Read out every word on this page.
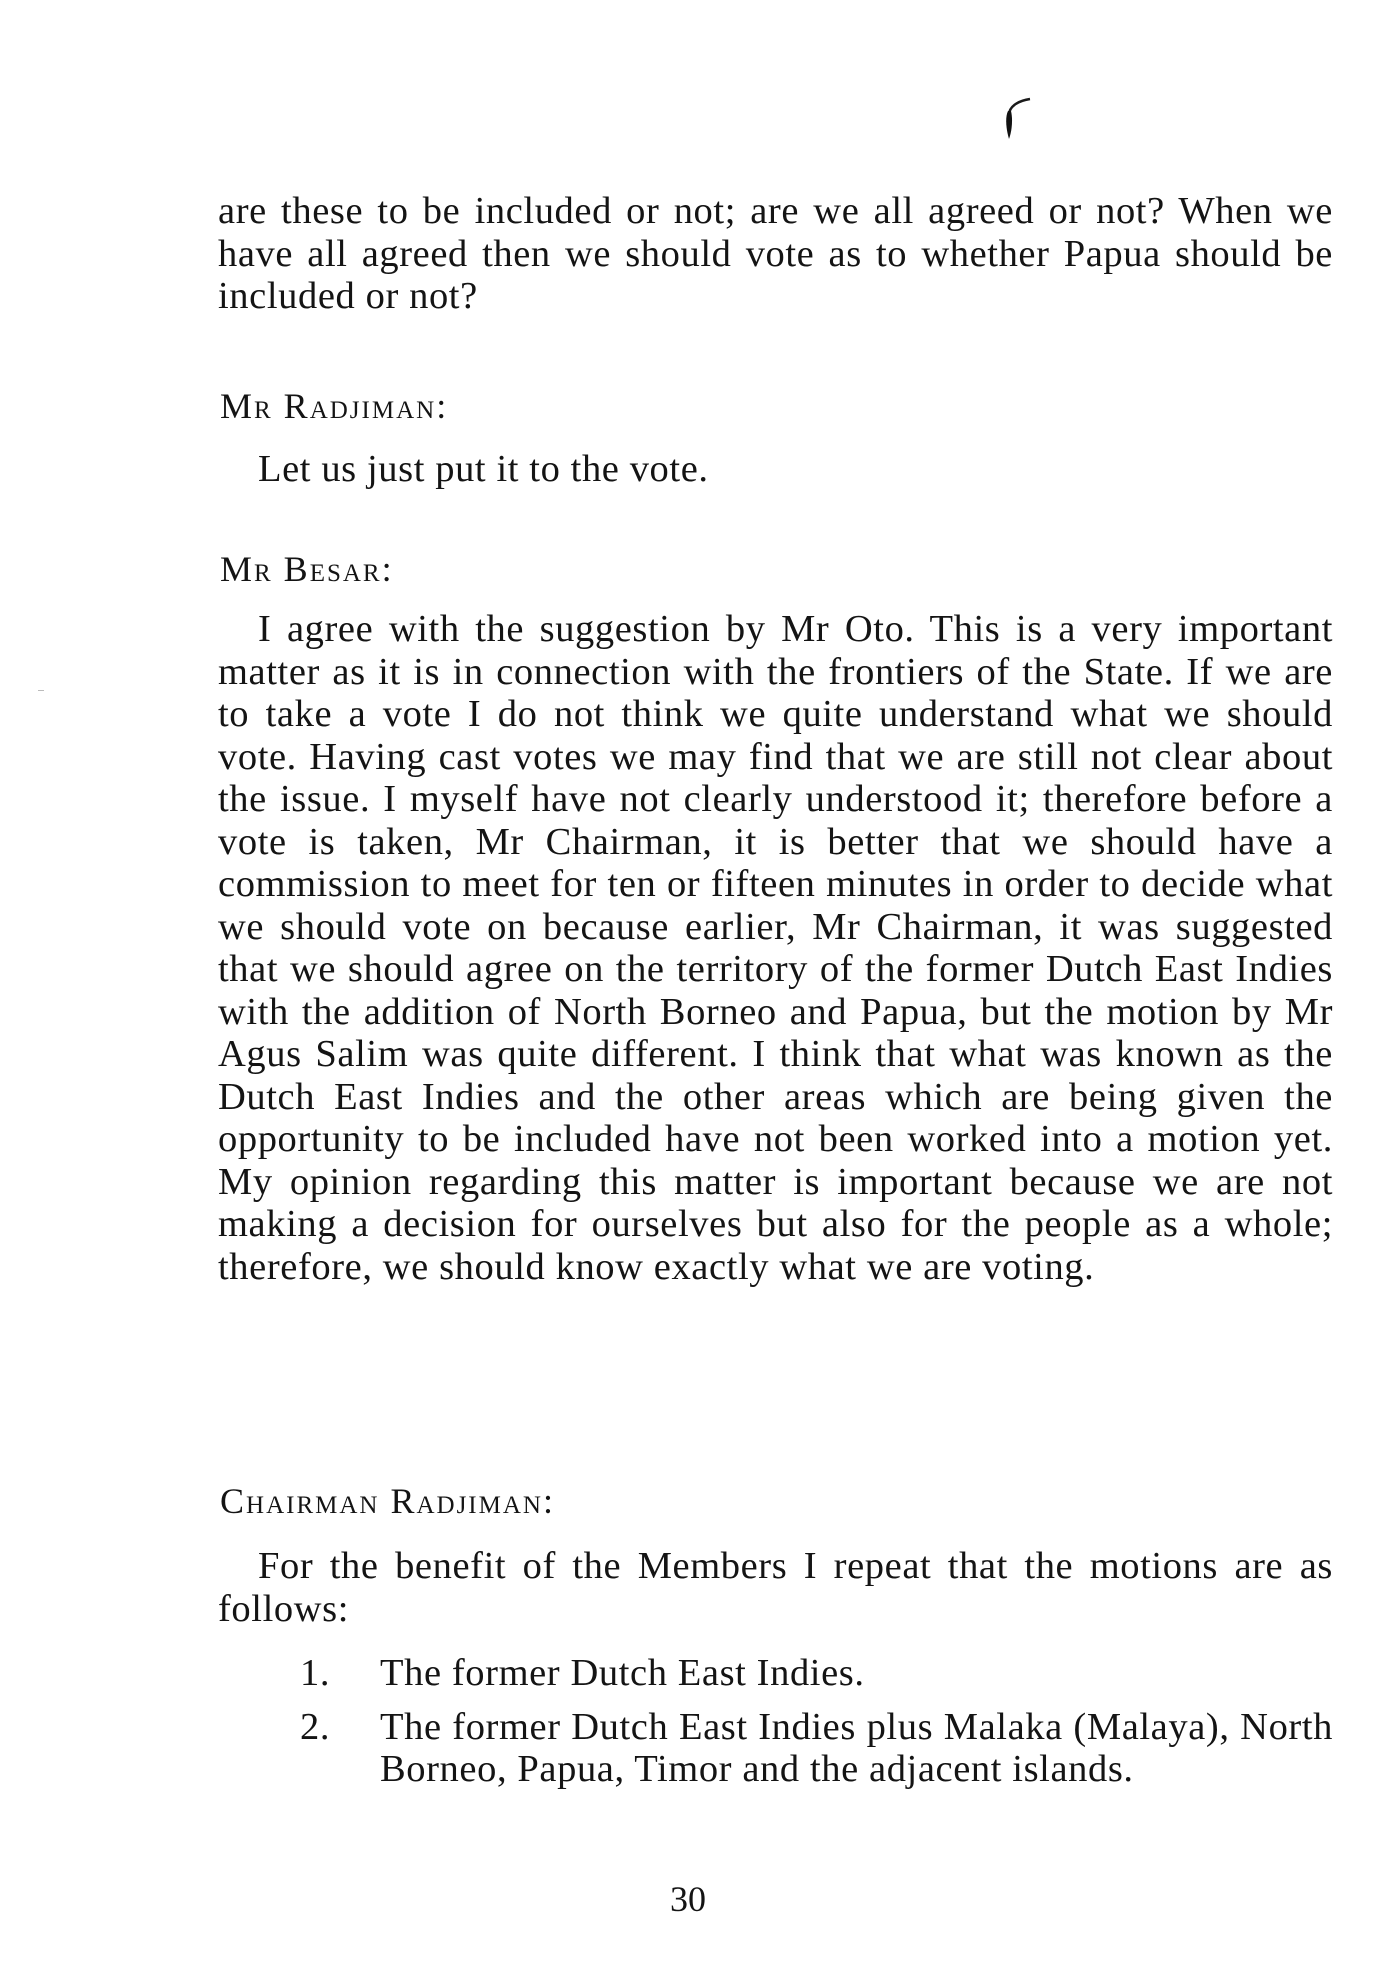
are these to be included or not; are we all agreed or not? When we have all agreed then we should vote as to whether Papua should be included or not?

Mr Radjiman:

Let us just put it to the vote.

Mr Besar:

I agree with the suggestion by Mr Oto. This is a very important matter as it is in connection with the frontiers of the State. If we are to take a vote I do not think we quite understand what we should vote. Having cast votes we may find that we are still not clear about the issue. I myself have not clearly understood it; therefore before a vote is taken, Mr Chairman, it is better that we should have a commission to meet for ten or fifteen minutes in order to decide what we should vote on because earlier, Mr Chairman, it was suggested that we should agree on the territory of the former Dutch East Indies with the addition of North Borneo and Papua, but the motion by Mr Agus Salim was quite different. I think that what was known as the Dutch East Indies and the other areas which are being given the opportunity to be included have not been worked into a motion yet. My opinion regarding this matter is important because we are not making a decision for ourselves but also for the people as a whole; therefore, we should know exactly what we are voting.

Chairman Radjiman:

For the benefit of the Members I repeat that the motions are as follows:

1.	The former Dutch East Indies.
2.	The former Dutch East Indies plus Malaka (Malaya), North Borneo, Papua, Timor and the adjacent islands.
30
